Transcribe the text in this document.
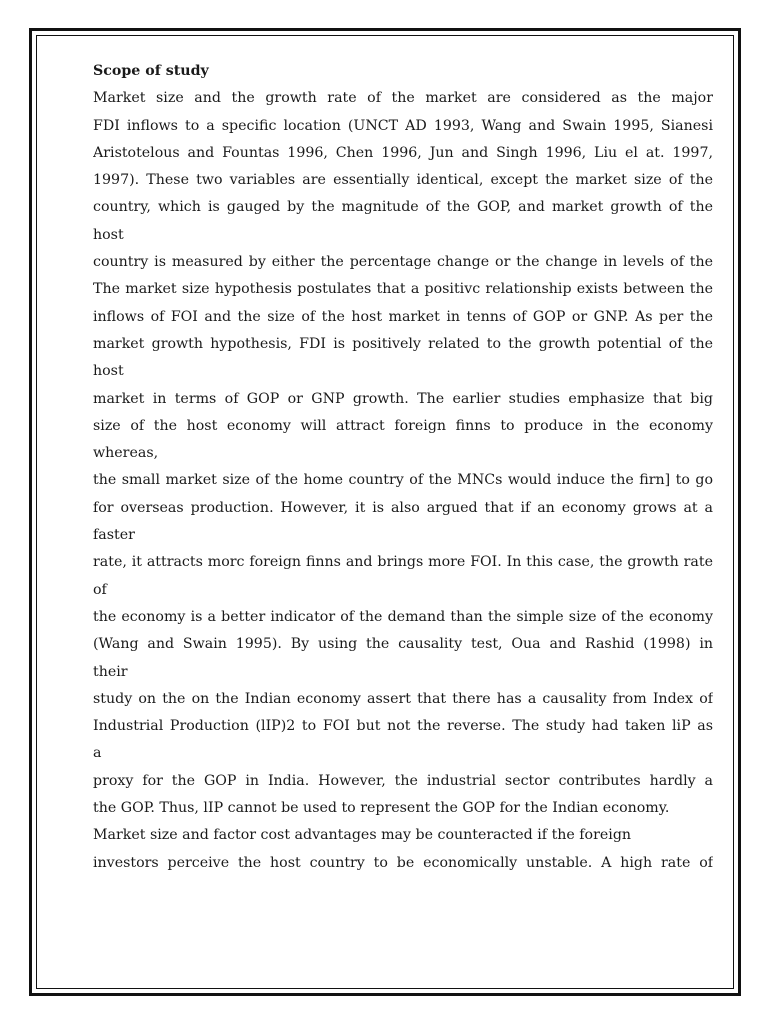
Scope of study
Market size and the growth rate of the market are considered as the major
FDI inflows to a specific location (UNCT AD 1993, Wang and Swain 1995, Sianesi
Aristotelous and Fountas 1996, Chen 1996, Jun and Singh 1996, Liu el at. 1997,
1997). These two variables are essentially identical, except the market size of the
country, which is gauged by the magnitude of the GOP, and market growth of the
host
country is measured by either the percentage change or the change in levels of the
The market size hypothesis postulates that a positivc relationship exists between the
inflows of FOI and the size of the host market in tenns of GOP or GNP. As per the
market growth hypothesis, FDI is positively related to the growth potential of the
host
market in terms of GOP or GNP growth. The earlier studies emphasize that big
size of the host economy will attract foreign finns to produce in the economy
whereas,
the small market size of the home country of the MNCs would induce the firn] to go
for overseas production. However, it is also argued that if an economy grows at a
faster
rate, it attracts morc foreign finns and brings more FOI. In this case, the growth rate
of
the economy is a better indicator of the demand than the simple size of the economy
(Wang and Swain 1995). By using the causality test, Oua and Rashid (1998) in
their
study on the on the Indian economy assert that there has a causality from Index of
Industrial Production (lIP)2 to FOI but not the reverse. The study had taken liP as
a
proxy for the GOP in India. However, the industrial sector contributes hardly a
the GOP. Thus, lIP cannot be used to represent the GOP for the Indian economy.
Market size and factor cost advantages may be counteracted if the foreign
investors perceive the host country to be economically unstable. A high rate of
